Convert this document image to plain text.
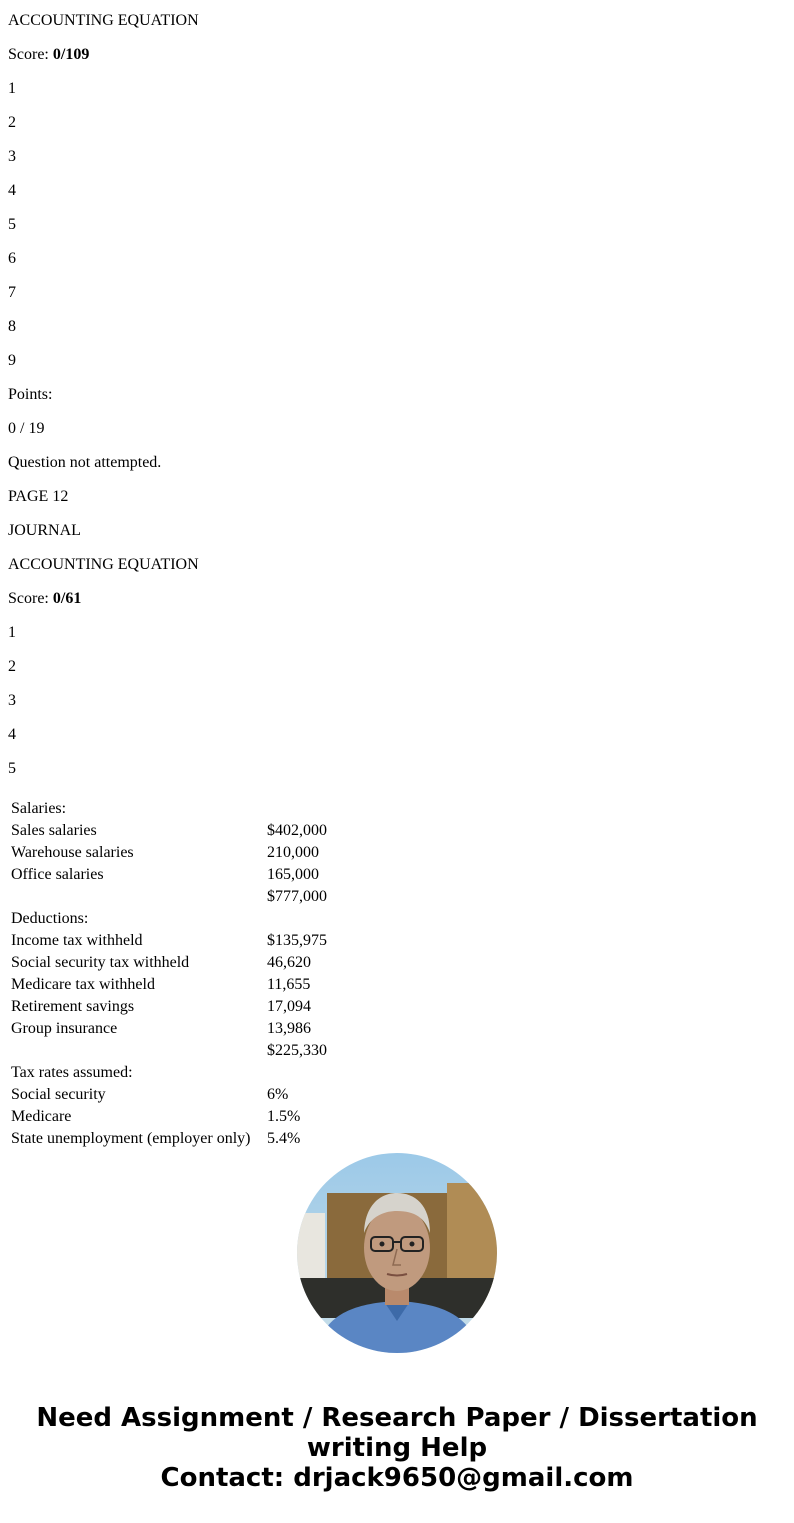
ACCOUNTING EQUATION

Score: 0/109

1

2

3

4

5

6

7

8

9

Points:

0 / 19

Question not attempted.

PAGE 12

JOURNAL

ACCOUNTING EQUATION

Score: 0/61

1

2

3

4

5

Salaries:	
Sales salaries	$402,000
Warehouse salaries	210,000
Office salaries	165,000
	$777,000
Deductions:	
Income tax withheld	$135,975
Social security tax withheld	46,620
Medicare tax withheld	11,655
Retirement savings	17,094
Group insurance	13,986
	$225,330
Tax rates assumed:	
Social security	6%
Medicare	1.5%
State unemployment (employer only)	5.4%
Need Assignment / Research Paper / Dissertation
writing Help
Contact: drjack9650@gmail.com
